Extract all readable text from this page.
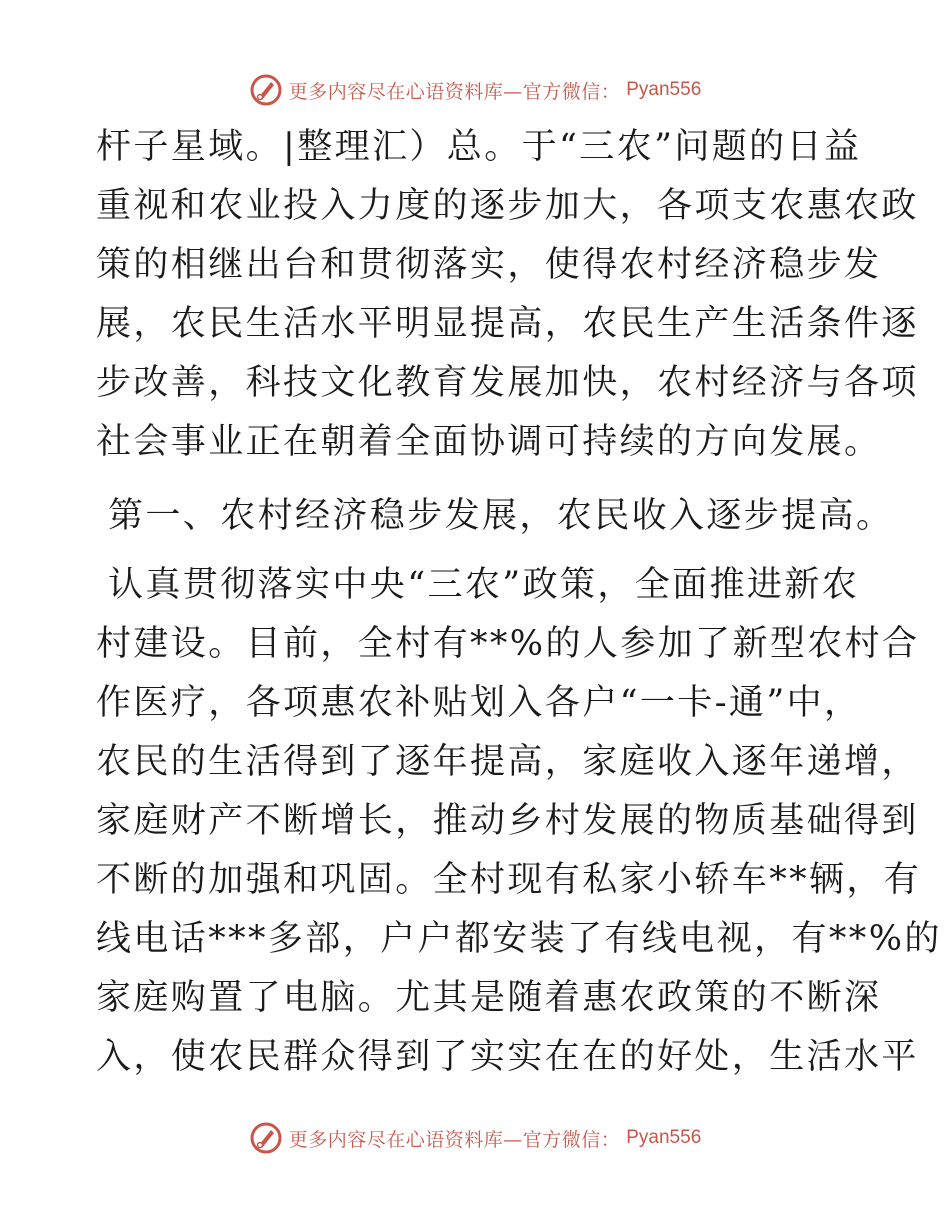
更多内容尽在心语资料库—官方微信： Pyan556

杆子星域。|整理汇）总。于“三农”问题的日益

重视和农业投入力度的逐步加大，各项支农惠农政

策的相继出台和贯彻落实，使得农村经济稳步发

展，农民生活水平明显提高，农民生产生活条件逐

步改善，科技文化教育发展加快，农村经济与各项

社会事业正在朝着全面协调可持续的方向发展。

第一、农村经济稳步发展，农民收入逐步提高。

认真贯彻落实中央“三农”政策，全面推进新农

村建设。目前，全村有**%的人参加了新型农村合

作医疗，各项惠农补贴划入各户“一卡-通”中，

农民的生活得到了逐年提高，家庭收入逐年递增，

家庭财产不断增长，推动乡村发展的物质基础得到

不断的加强和巩固。全村现有私家小轿车**辆，有

线电话***多部，户户都安装了有线电视，有**%的

家庭购置了电脑。尤其是随着惠农政策的不断深

入，使农民群众得到了实实在在的好处，生活水平

更多内容尽在心语资料库—官方微信： Pyan556
